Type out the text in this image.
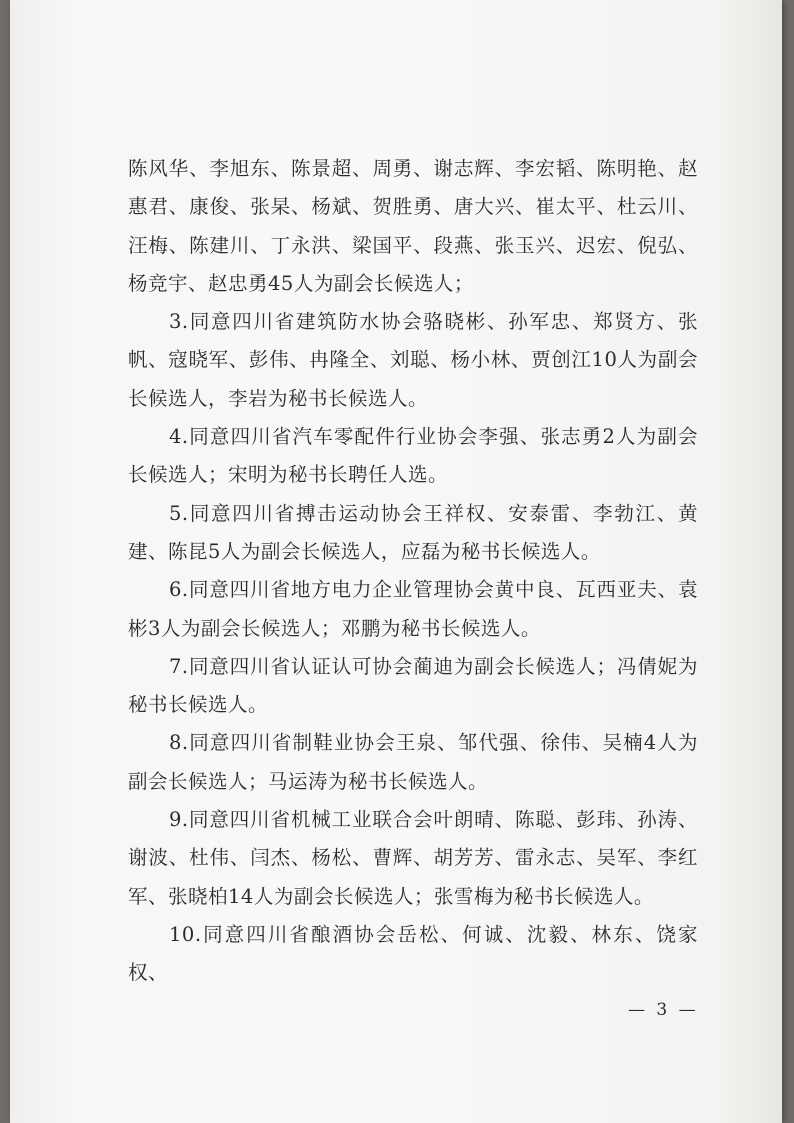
陈风华、李旭东、陈景超、周勇、谢志辉、李宏韬、陈明艳、赵惠君、康俊、张杲、杨斌、贺胜勇、唐大兴、崔太平、杜云川、汪梅、陈建川、丁永洪、梁国平、段燕、张玉兴、迟宏、倪弘、杨竞宇、赵忠勇45人为副会长候选人；

3.同意四川省建筑防水协会骆晓彬、孙军忠、郑贤方、张帆、寇晓军、彭伟、冉隆全、刘聪、杨小林、贾创江10人为副会长候选人，李岩为秘书长候选人。

4.同意四川省汽车零配件行业协会李强、张志勇2人为副会长候选人；宋明为秘书长聘任人选。

5.同意四川省搏击运动协会王祥权、安泰雷、李勃江、黄建、陈昆5人为副会长候选人，应磊为秘书长候选人。

6.同意四川省地方电力企业管理协会黄中良、瓦西亚夫、袁彬3人为副会长候选人；邓鹏为秘书长候选人。

7.同意四川省认证认可协会蔺迪为副会长候选人；冯倩妮为秘书长候选人。

8.同意四川省制鞋业协会王泉、邹代强、徐伟、吴楠4人为副会长候选人；马运涛为秘书长候选人。

9.同意四川省机械工业联合会叶朗晴、陈聪、彭玮、孙涛、谢波、杜伟、闫杰、杨松、曹辉、胡芳芳、雷永志、吴军、李红军、张晓柏14人为副会长候选人；张雪梅为秘书长候选人。

10.同意四川省酿酒协会岳松、何诚、沈毅、林东、饶家权、

— 3 —
